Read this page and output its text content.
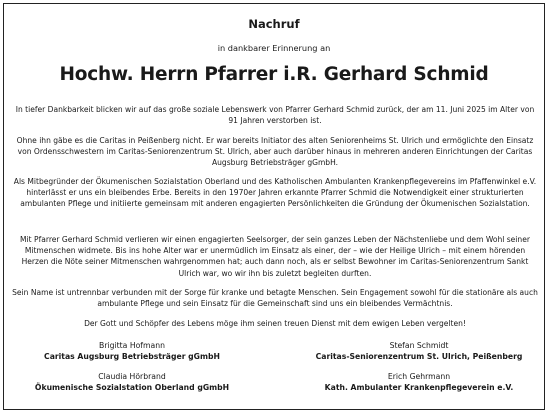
Nachruf
in dankbarer Erinnerung an
Hochw. Herrn Pfarrer i.R. Gerhard Schmid
In tiefer Dankbarkeit blicken wir auf das große soziale Lebenswerk von Pfarrer Gerhard Schmid zurück, der am 11. Juni 2025 im Alter von 91 Jahren verstorben ist.
Ohne ihn gäbe es die Caritas in Peißenberg nicht. Er war bereits Initiator des alten Seniorenheims St. Ulrich und ermöglichte den Einsatz von Ordensschwestern im Caritas-Seniorenzentrum St. Ulrich, aber auch darüber hinaus in mehreren anderen Einrichtungen der Caritas Augsburg Betriebsträger gGmbH.
Als Mitbegründer der Ökumenischen Sozialstation Oberland und des Katholischen Ambulanten Krankenpflegevereins im Pfaffenwinkel e.V. hinterlässt er uns ein bleibendes Erbe. Bereits in den 1970er Jahren erkannte Pfarrer Schmid die Notwendigkeit einer strukturierten ambulanten Pflege und initiierte gemeinsam mit anderen engagierten Persönlichkeiten die Gründung der Ökumenischen Sozialstation.
Mit Pfarrer Gerhard Schmid verlieren wir einen engagierten Seelsorger, der sein ganzes Leben der Nächstenliebe und dem Wohl seiner Mitmenschen widmete. Bis ins hohe Alter war er unermüdlich im Einsatz als einer, der – wie der Heilige Ulrich – mit einem hörenden Herzen die Nöte seiner Mitmenschen wahrgenommen hat; auch dann noch, als er selbst Bewohner im Caritas-Seniorenzentrum Sankt Ulrich war, wo wir ihn bis zuletzt begleiten durften.
Sein Name ist untrennbar verbunden mit der Sorge für kranke und betagte Menschen. Sein Engagement sowohl für die stationäre als auch ambulante Pflege und sein Einsatz für die Gemeinschaft sind uns ein bleibendes Vermächtnis.
Der Gott und Schöpfer des Lebens möge ihm seinen treuen Dienst mit dem ewigen Leben vergelten!
Brigitta Hofmann
Caritas Augsburg Betriebsträger gGmbH
Stefan Schmidt
Caritas-Seniorenzentrum St. Ulrich, Peißenberg
Claudia Hörbrand
Ökumenische Sozialstation Oberland gGmbH
Erich Gehrmann
Kath. Ambulanter Krankenpflegeverein e.V.
